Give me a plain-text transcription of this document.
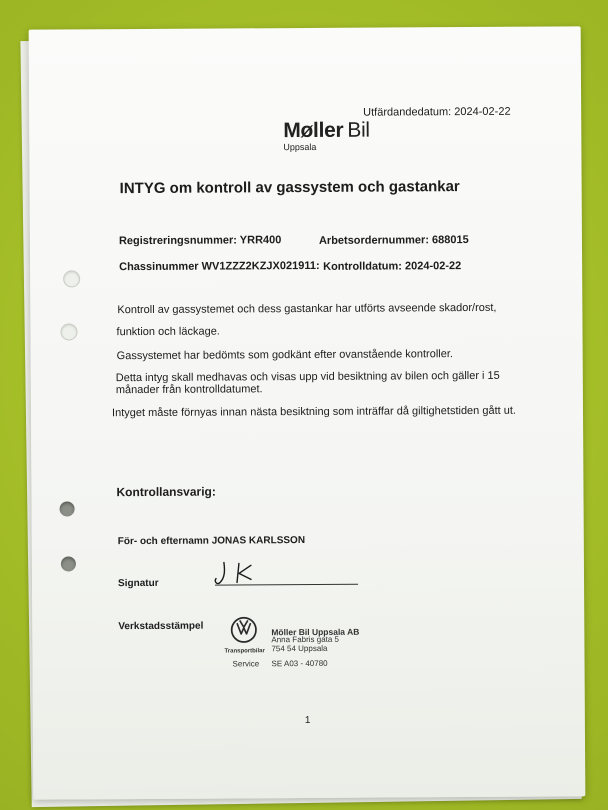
Utfärdandedatum: 2024-02-22
Møller Bil
Uppsala
INTYG om kontroll av gassystem och gastankar
Registreringsnummer: YRR400	Arbetsordernummer: 688015
Chassinummer WV1ZZZ2KZJX021911: Kontrolldatum: 2024-02-22
Kontroll av gassystemet och dess gastankar har utförts avseende skador/rost,
funktion och läckage.
Gassystemet har bedömts som godkänt efter ovanstående kontroller.
Detta intyg skall medhavas och visas upp vid besiktning av bilen och gäller i 15
månader från kontrolldatumet.
Intyget måste förnyas innan nästa besiktning som inträffar då giltighetstiden gått ut.
Kontrollansvarig:
För- och efternamn JONAS KARLSSON
Signatur
Verkstadsstämpel
Transportbilar
Service
Möller Bil Uppsala AB
Anna Fabris gata 5
754 54 Uppsala
SE A03 - 40780
1
